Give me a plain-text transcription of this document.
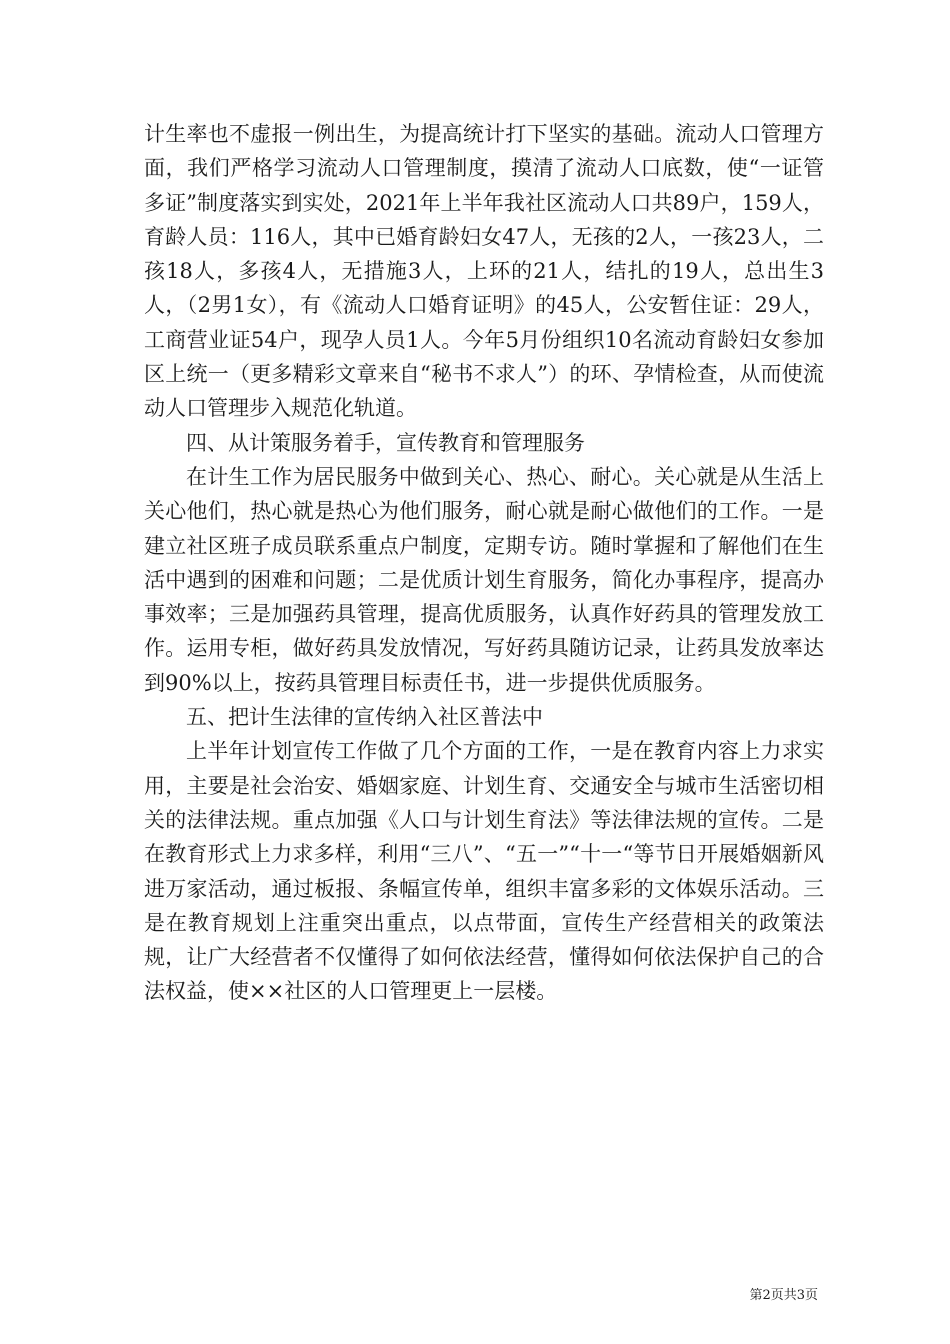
计生率也不虚报一例出生，为提高统计打下坚实的基础。流动人口管理方面，我们严格学习流动人口管理制度，摸清了流动人口底数，使“一证管多证”制度落实到实处，2021年上半年我社区流动人口共89户，159人，育龄人员：116人，其中已婚育龄妇女47人，无孩的2人，一孩23人，二孩18人，多孩4人，无措施3人，上环的21人，结扎的19人，总出生3人，（2男1女），有《流动人口婚育证明》的45人，公安暂住证：29人，工商营业证54户，现孕人员1人。今年5月份组织10名流动育龄妇女参加区上统一（更多精彩文章来自“秘书不求人”）的环、孕情检查，从而使流动人口管理步入规范化轨道。

四、从计策服务着手，宣传教育和管理服务

在计生工作为居民服务中做到关心、热心、耐心。关心就是从生活上关心他们，热心就是热心为他们服务，耐心就是耐心做他们的工作。一是建立社区班子成员联系重点户制度，定期专访。随时掌握和了解他们在生活中遇到的困难和问题；二是优质计划生育服务，简化办事程序，提高办事效率；三是加强药具管理，提高优质服务，认真作好药具的管理发放工作。运用专柜，做好药具发放情况，写好药具随访记录，让药具发放率达到90%以上，按药具管理目标责任书，进一步提供优质服务。

五、把计生法律的宣传纳入社区普法中

上半年计划宣传工作做了几个方面的工作，一是在教育内容上力求实用，主要是社会治安、婚姻家庭、计划生育、交通安全与城市生活密切相关的法律法规。重点加强《人口与计划生育法》等法律法规的宣传。二是在教育形式上力求多样，利用“三八”、“五一”“十一“等节日开展婚姻新风进万家活动，通过板报、条幅宣传单，组织丰富多彩的文体娱乐活动。三是在教育规划上注重突出重点，以点带面，宣传生产经营相关的政策法规，让广大经营者不仅懂得了如何依法经营，懂得如何依法保护自己的合法权益，使××社区的人口管理更上一层楼。

第2页共3页
